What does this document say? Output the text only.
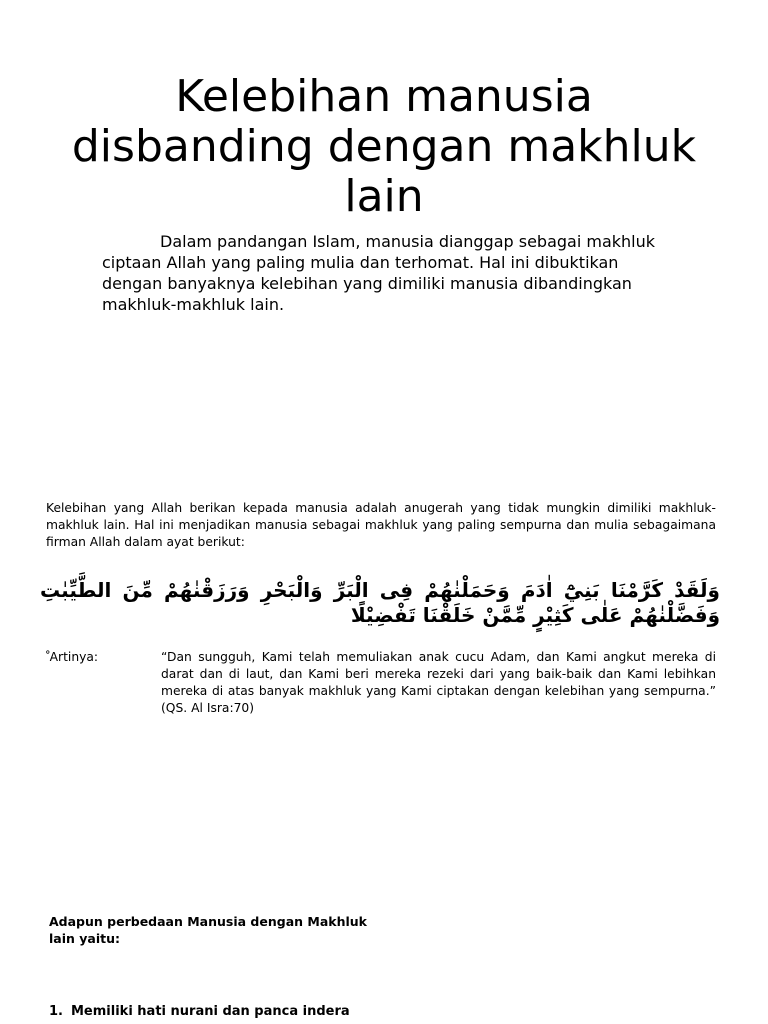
Kelebihan manusia disbanding dengan makhluk lain

Dalam pandangan Islam, manusia dianggap sebagai makhluk ciptaan Allah yang paling mulia dan terhomat. Hal ini dibuktikan dengan banyaknya kelebihan yang dimiliki manusia dibandingkan makhluk-makhluk lain.

Kelebihan yang Allah berikan kepada manusia adalah anugerah yang tidak mungkin dimiliki makhluk-makhluk lain. Hal ini menjadikan manusia sebagai makhluk yang paling sempurna dan mulia sebagaimana firman Allah dalam ayat berikut:

وَلَقَدْ كَرَّمْنَا بَنِيْٓ اٰدَمَ وَحَمَلْنٰهُمْ فِى الْبَرِّ وَالْبَحْرِ وَرَزَقْنٰهُمْ مِّنَ الطَّيِّبٰتِ وَفَضَّلْنٰهُمْ عَلٰى كَثِيْرٍ مِّمَّنْ خَلَقْنَا تَفْضِيْلًا

ﹾArtinya:	“Dan sungguh, Kami telah memuliakan anak cucu Adam, dan Kami angkut mereka di darat dan di laut, dan Kami beri mereka rezeki dari yang baik-baik dan Kami lebihkan mereka di atas banyak makhluk yang Kami ciptakan dengan kelebihan yang sempurna.” (QS. Al Isra:70)

Adapun perbedaan Manusia dengan Makhluk lain yaitu:

1. Memiliki hati nurani dan panca indera
